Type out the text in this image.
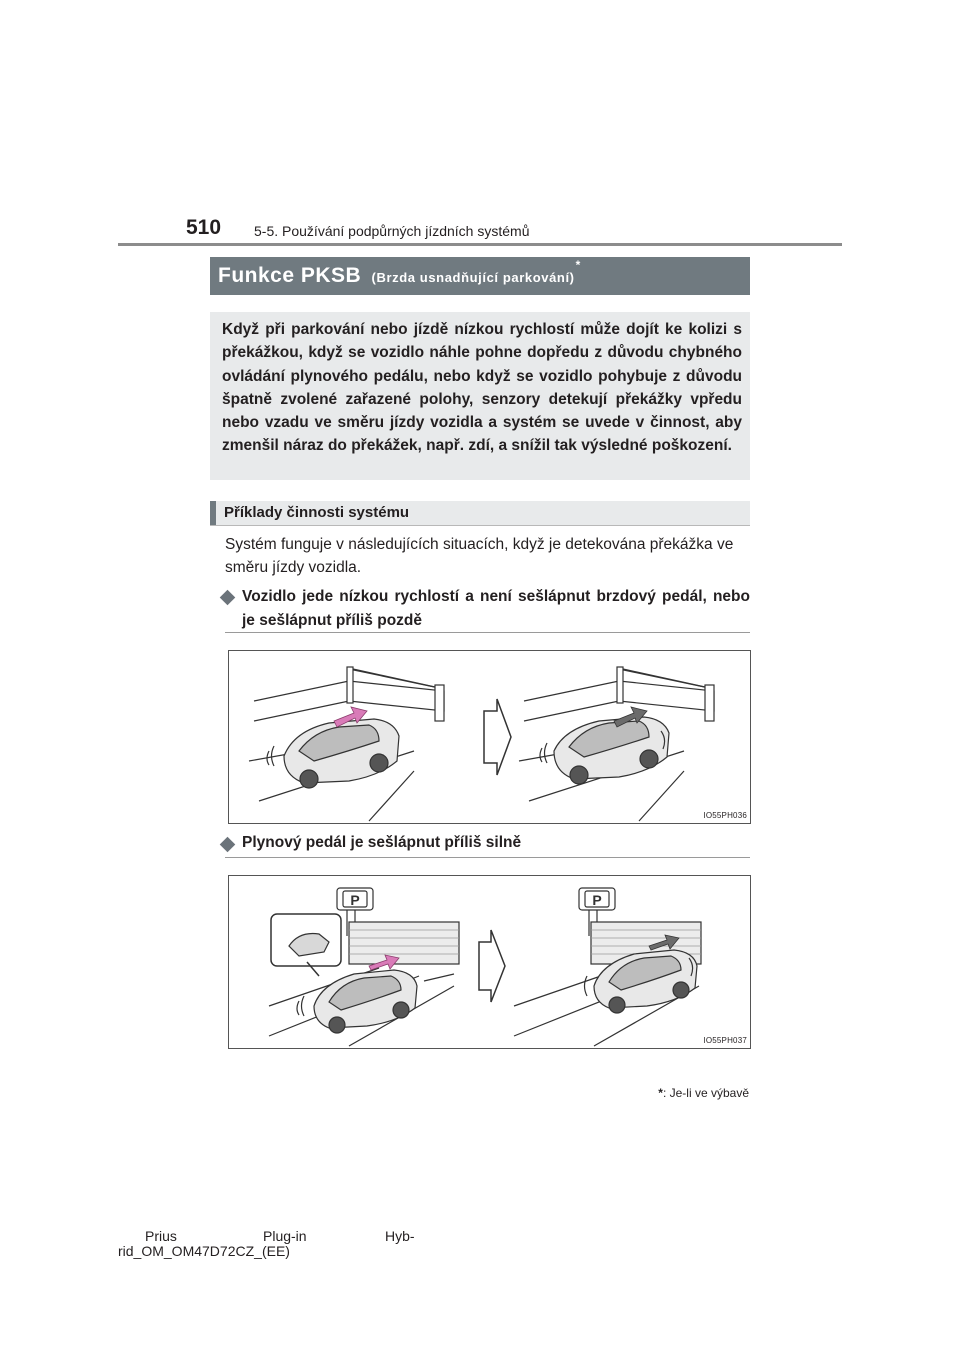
510 5-5. Používání podpůrných jízdních systémů
Funkce PKSB (Brzda usnadňující parkování)
*
Když při parkování nebo jízdě nízkou rychlostí může dojít ke kolizi s překážkou, když se vozidlo náhle pohne dopředu z důvodu chybného ovládání plynového pedálu, nebo když se vozidlo pohybuje z důvodu špatně zvolené zařazené polohy, senzory detekují překážky vpředu nebo vzadu ve směru jízdy vozidla a systém se uvede v činnost, aby zmenšil náraz do překážek, např. zdí, a snížil tak výsledné poškození.
Příklady činnosti systému
Systém funguje v následujících situacích, když je detekována překážka ve směru jízdy vozidla.
Vozidlo jede nízkou rychlostí a není sešlápnut brzdový pedál, nebo je sešlápnut příliš pozdě
IO55PH036
Plynový pedál je sešlápnut příliš silně
P	P
IO55PH037
*: Je-li ve výbavě
Prius	Plug-in	Hyb-
rid_OM_OM47D72CZ_(EE)
